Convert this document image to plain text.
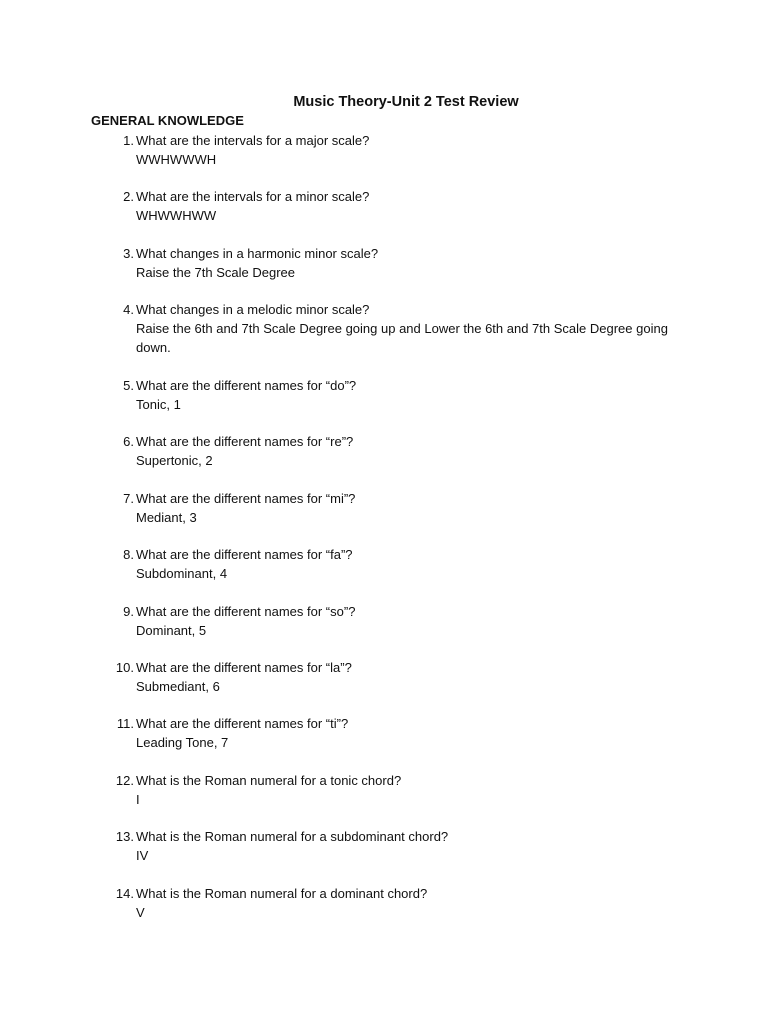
Music Theory-Unit 2 Test Review
GENERAL KNOWLEDGE
1. What are the intervals for a major scale?
WWHWWWH
2. What are the intervals for a minor scale?
WHWWHWW
3. What changes in a harmonic minor scale?
Raise the 7th Scale Degree
4. What changes in a melodic minor scale?
Raise the 6th and 7th Scale Degree going up and Lower the 6th and 7th Scale Degree going down.
5. What are the different names for “do”?
Tonic, 1
6. What are the different names for “re”?
Supertonic, 2
7. What are the different names for “mi”?
Mediant, 3
8. What are the different names for “fa”?
Subdominant, 4
9. What are the different names for “so”?
Dominant, 5
10. What are the different names for “la”?
Submediant, 6
11. What are the different names for “ti”?
Leading Tone, 7
12. What is the Roman numeral for a tonic chord?
I
13. What is the Roman numeral for a subdominant chord?
IV
14. What is the Roman numeral for a dominant chord?
V
